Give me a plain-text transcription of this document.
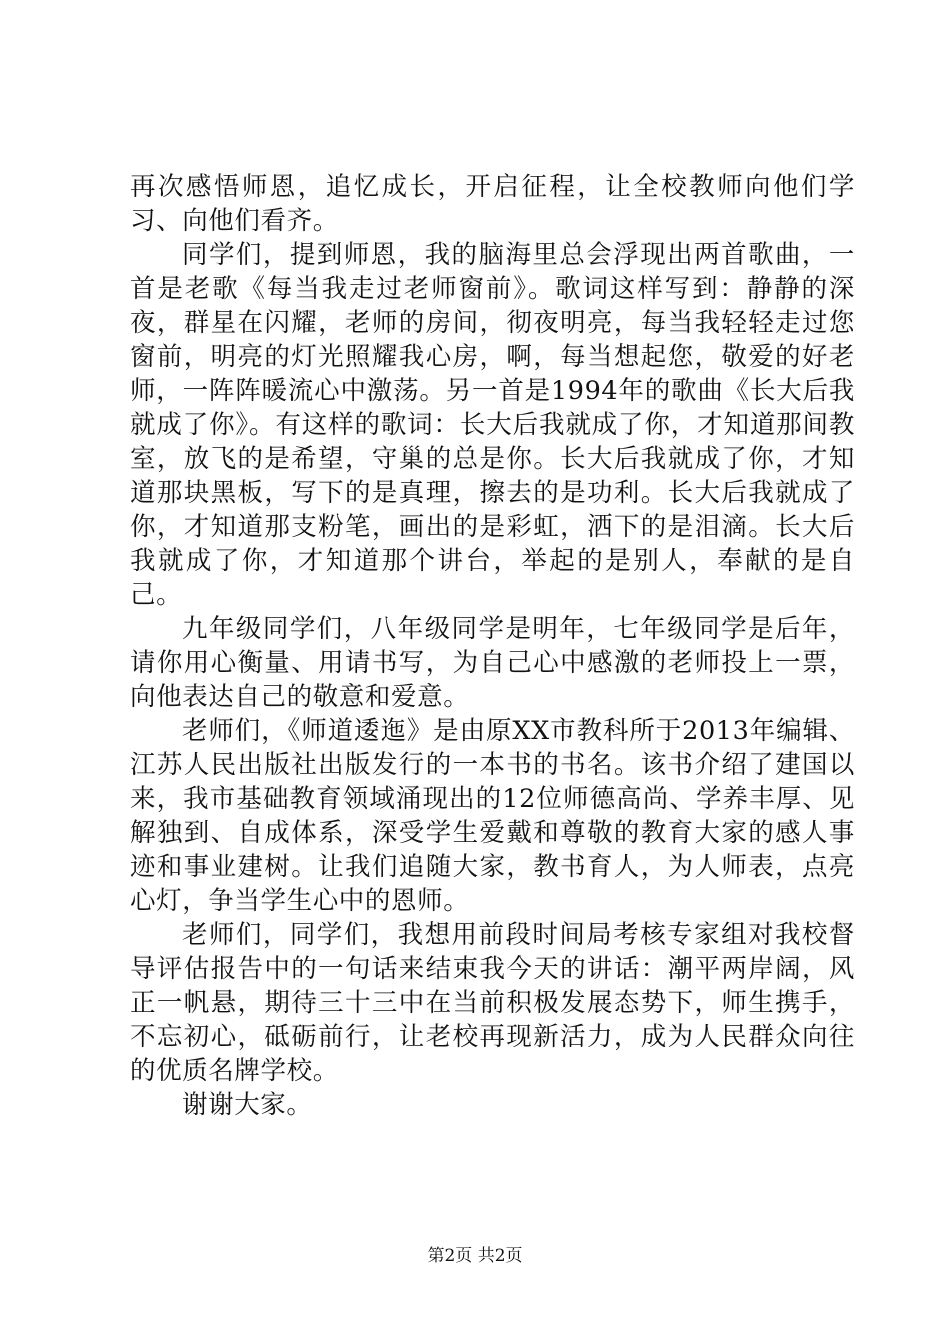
再次感悟师恩，追忆成长，开启征程，让全校教师向他们学习、向他们看齐。

同学们，提到师恩，我的脑海里总会浮现出两首歌曲，一首是老歌《每当我走过老师窗前》。歌词这样写到：静静的深夜，群星在闪耀，老师的房间，彻夜明亮，每当我轻轻走过您窗前，明亮的灯光照耀我心房，啊，每当想起您，敬爱的好老师，一阵阵暖流心中激荡。另一首是1994年的歌曲《长大后我就成了你》。有这样的歌词：长大后我就成了你，才知道那间教室，放飞的是希望，守巢的总是你。长大后我就成了你，才知道那块黑板，写下的是真理，擦去的是功利。长大后我就成了你，才知道那支粉笔，画出的是彩虹，洒下的是泪滴。长大后我就成了你，才知道那个讲台，举起的是别人，奉献的是自己。

九年级同学们，八年级同学是明年，七年级同学是后年，请你用心衡量、用请书写，为自己心中感激的老师投上一票，向他表达自己的敬意和爱意。

老师们，《师道逶迤》是由原XX市教科所于2013年编辑、江苏人民出版社出版发行的一本书的书名。该书介绍了建国以来，我市基础教育领域涌现出的12位师德高尚、学养丰厚、见解独到、自成体系，深受学生爱戴和尊敬的教育大家的感人事迹和事业建树。让我们追随大家，教书育人，为人师表，点亮心灯，争当学生心中的恩师。

老师们，同学们，我想用前段时间局考核专家组对我校督导评估报告中的一句话来结束我今天的讲话：潮平两岸阔，风正一帆悬，期待三十三中在当前积极发展态势下，师生携手，不忘初心，砥砺前行，让老校再现新活力，成为人民群众向往的优质名牌学校。

谢谢大家。

第2页 共2页
